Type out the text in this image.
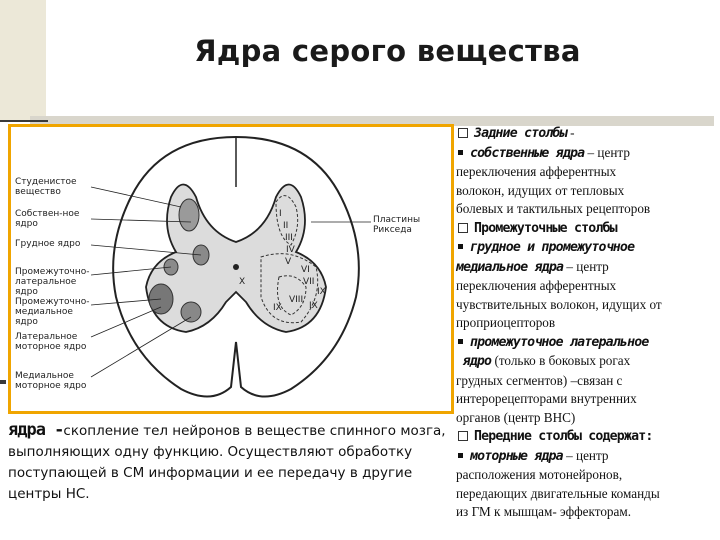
Ядра серого вещества
Студенистое вещество
Собствен-ное ядро
Грудное ядро
Промежуточно-латеральное ядро
Промежуточно-медиальное ядро
Латеральное моторное ядро
Медиальное моторное ядро
Пластины Рикседа
I
II
III
IV
V
VI
VII
VIII
IX
X
IX
IX
ядра -скопление тел нейронов в веществе спинного мозга, выполняющих одну функцию. Осуществляют обработку поступающей в СМ информации и ее передачу в другие центры НС.
Задние столбы -
собственные ядра – центр
переключения афферентных
волокон, идущих от тепловых
болевых и тактильных рецепторов
Промежуточные столбы
грудное и промежуточное
медиальное ядра – центр
переключения афферентных
чувствительных волокон, идущих от
проприоцепторов
промежуточное латеральное
ядро (только в боковых рогах
грудных сегментов) –связан с
интерорецепторами внутренних
органов (центр ВНС)
Передние столбы содержат:
моторные ядра – центр
расположения мотонейронов,
передающих двигательные команды
из ГМ к мышцам- эффекторам.
